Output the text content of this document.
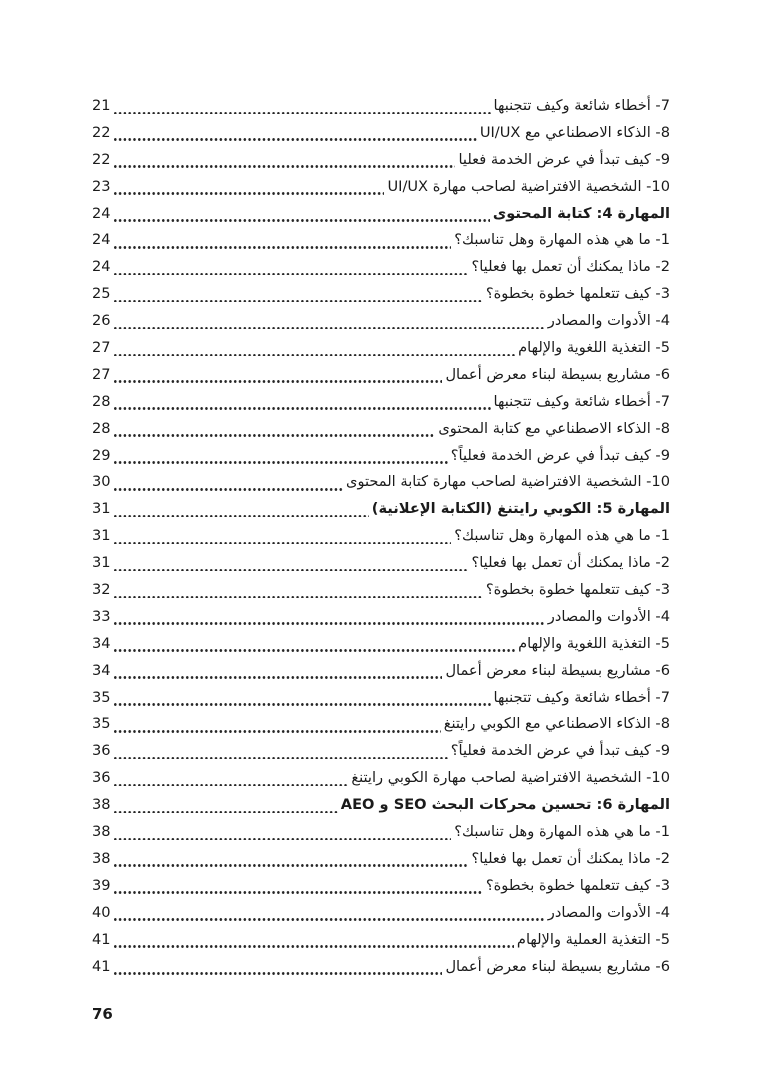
7- أخطاء شائعة وكيف تتجنبها
21
8- الذكاء الاصطناعي مع UI/UX
22
9- كيف تبدأ في عرض الخدمة فعليا
22
10- الشخصية الافتراضية لصاحب مهارة UI/UX
23
المهارة 4: كتابة المحتوى
24
1- ما هي هذه المهارة وهل تناسبك؟
24
2- ماذا يمكنك أن تعمل بها فعليا؟
24
3- كيف تتعلمها خطوة بخطوة؟
25
4- الأدوات والمصادر
26
5- التغذية اللغوية والإلهام
27
6- مشاريع بسيطة لبناء معرض أعمال
27
7- أخطاء شائعة وكيف تتجنبها
28
8- الذكاء الاصطناعي مع كتابة المحتوى
28
9- كيف تبدأ في عرض الخدمة فعلياً؟
29
10- الشخصية الافتراضية لصاحب مهارة كتابة المحتوى
30
المهارة 5: الكوبي رايتنغ (الكتابة الإعلانية)
31
1- ما هي هذه المهارة وهل تناسبك؟
31
2- ماذا يمكنك أن تعمل بها فعليا؟
31
3- كيف تتعلمها خطوة بخطوة؟
32
4- الأدوات والمصادر
33
5- التغذية اللغوية والإلهام
34
6- مشاريع بسيطة لبناء معرض أعمال
34
7- أخطاء شائعة وكيف تتجنبها
35
8- الذكاء الاصطناعي مع الكوبي رايتنغ
35
9- كيف تبدأ في عرض الخدمة فعلياً؟
36
10- الشخصية الافتراضية لصاحب مهارة الكوبي رايتنغ
36
المهارة 6: تحسين محركات البحث SEO و AEO
38
1- ما هي هذه المهارة وهل تناسبك؟
38
2- ماذا يمكنك أن تعمل بها فعليا؟
38
3- كيف تتعلمها خطوة بخطوة؟
39
4- الأدوات والمصادر
40
5- التغذية العملية والإلهام
41
6- مشاريع بسيطة لبناء معرض أعمال
41
76
